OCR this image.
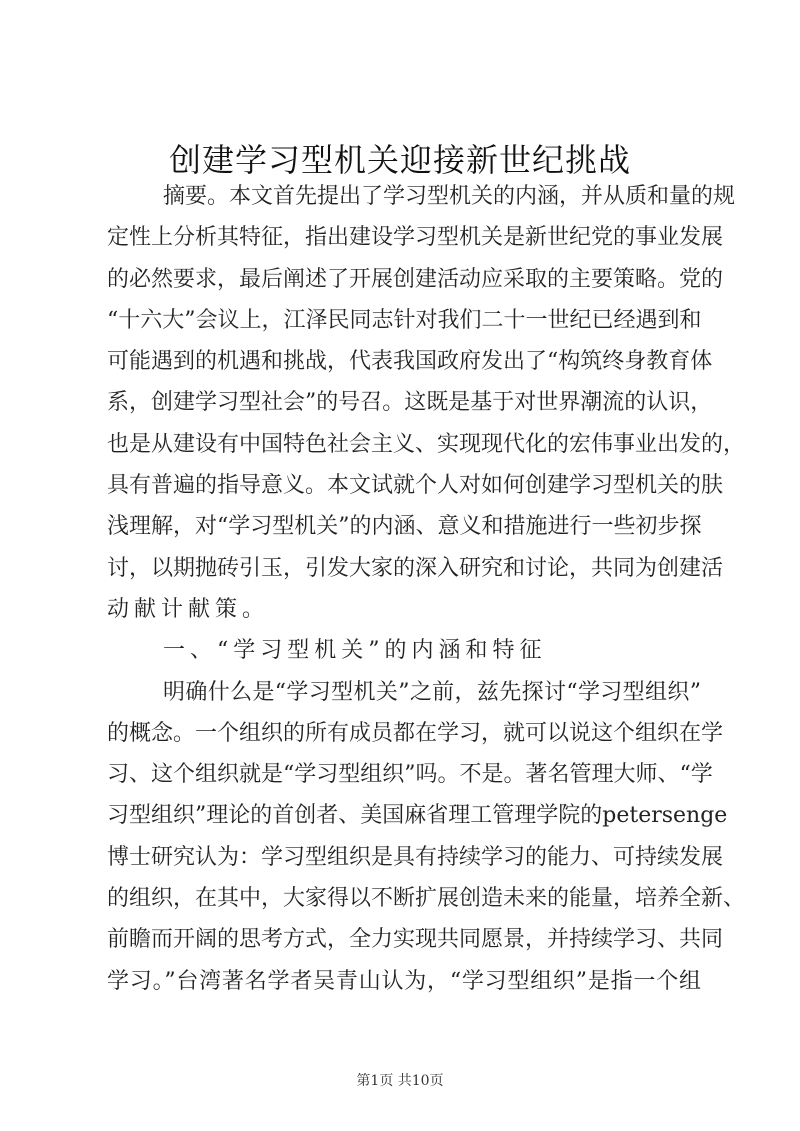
创建学习型机关迎接新世纪挑战
摘要。本文首先提出了学习型机关的内涵，并从质和量的规
定性上分析其特征，指出建设学习型机关是新世纪党的事业发展
的必然要求，最后阐述了开展创建活动应采取的主要策略。党的
“十六大”会议上，江泽民同志针对我们二十一世纪已经遇到和
可能遇到的机遇和挑战，代表我国政府发出了“构筑终身教育体
系，创建学习型社会”的号召。这既是基于对世界潮流的认识，
也是从建设有中国特色社会主义、实现现代化的宏伟事业出发的，
具有普遍的指导意义。本文试就个人对如何创建学习型机关的肤
浅理解，对“学习型机关”的内涵、意义和措施进行一些初步探
讨，以期抛砖引玉，引发大家的深入研究和讨论，共同为创建活
动献计献策。
一、“学习型机关”的内涵和特征
明确什么是“学习型机关”之前，兹先探讨“学习型组织”
的概念。一个组织的所有成员都在学习，就可以说这个组织在学
习、这个组织就是“学习型组织”吗。不是。著名管理大师、“学
习型组织”理论的首创者、美国麻省理工管理学院的petersenge
博士研究认为：学习型组织是具有持续学习的能力、可持续发展
的组织，在其中，大家得以不断扩展创造未来的能量，培养全新、
前瞻而开阔的思考方式，全力实现共同愿景，并持续学习、共同
学习。”台湾著名学者吴青山认为，“学习型组织”是指一个组
第1页 共10页
